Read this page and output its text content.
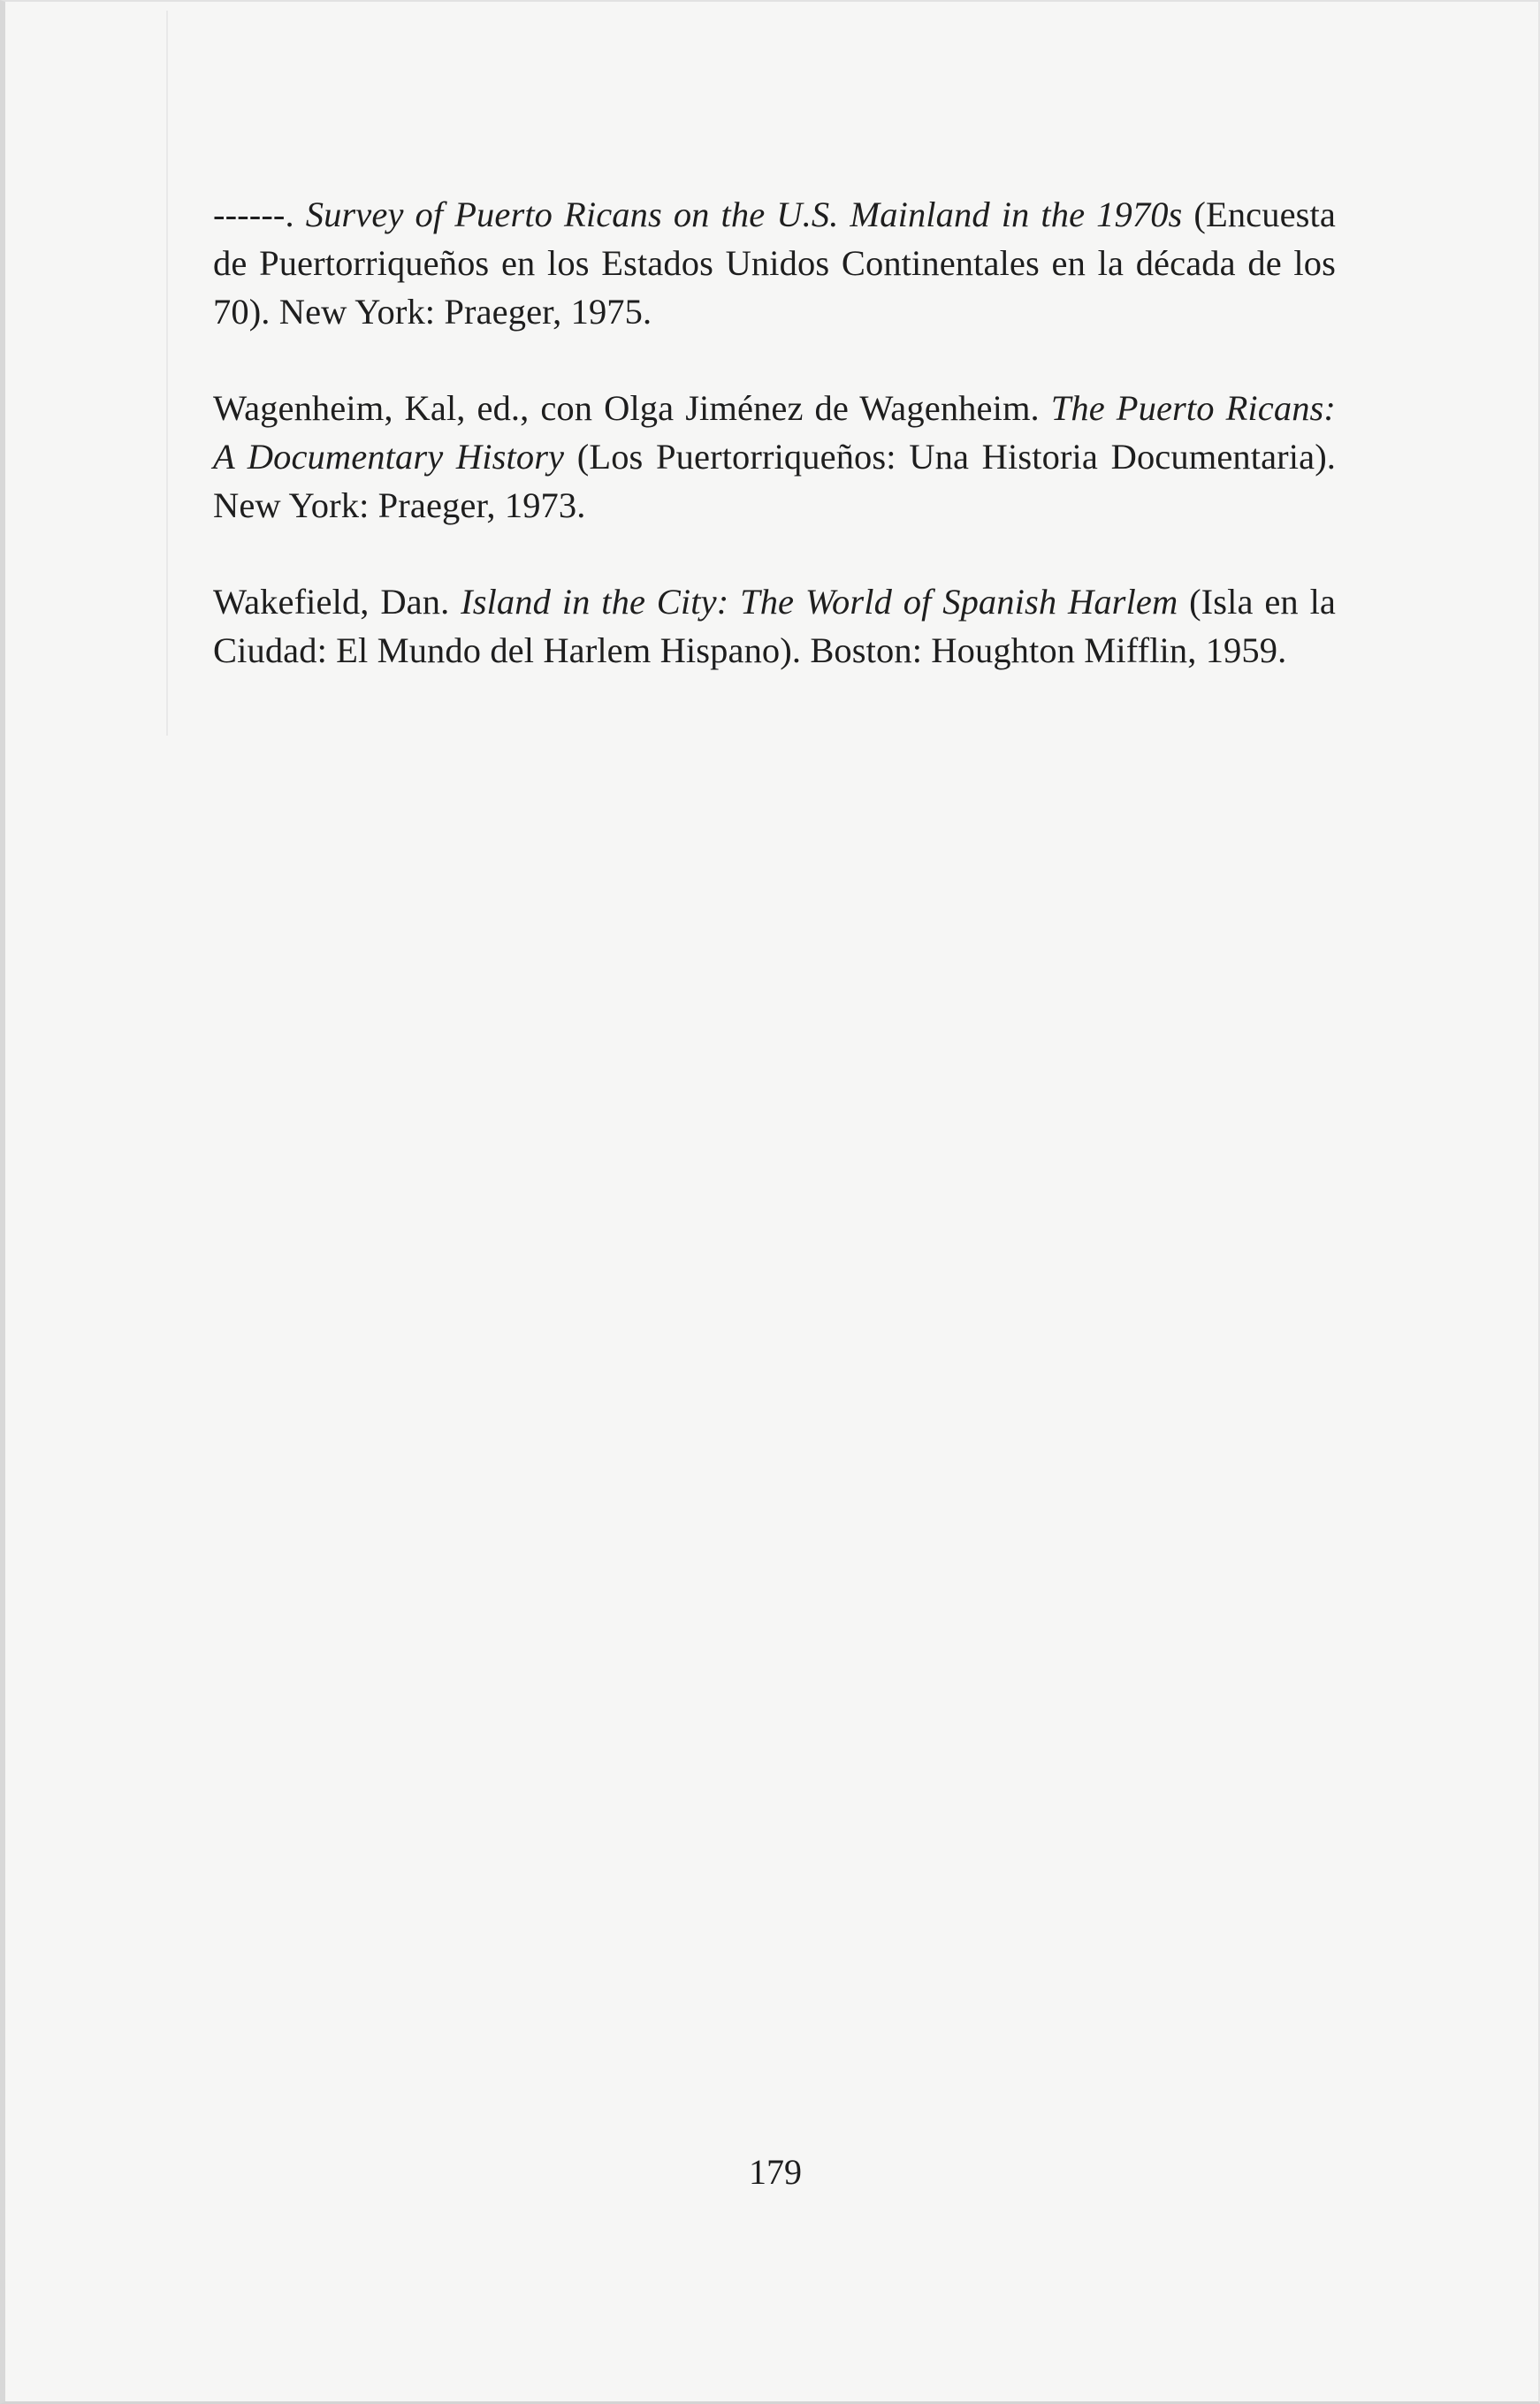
------. Survey of Puerto Ricans on the U.S. Mainland in the 1970s (Encuesta de Puertorriqueños en los Estados Unidos Continentales en la década de los 70). New York: Praeger, 1975.

Wagenheim, Kal, ed., con Olga Jiménez de Wagenheim. The Puerto Ricans: A Documentary History (Los Puertorriqueños: Una Historia Documentaria). New York: Praeger, 1973.

Wakefield, Dan. Island in the City: The World of Spanish Harlem (Isla en la Ciudad: El Mundo del Harlem Hispano). Boston: Houghton Mifflin, 1959.

179
